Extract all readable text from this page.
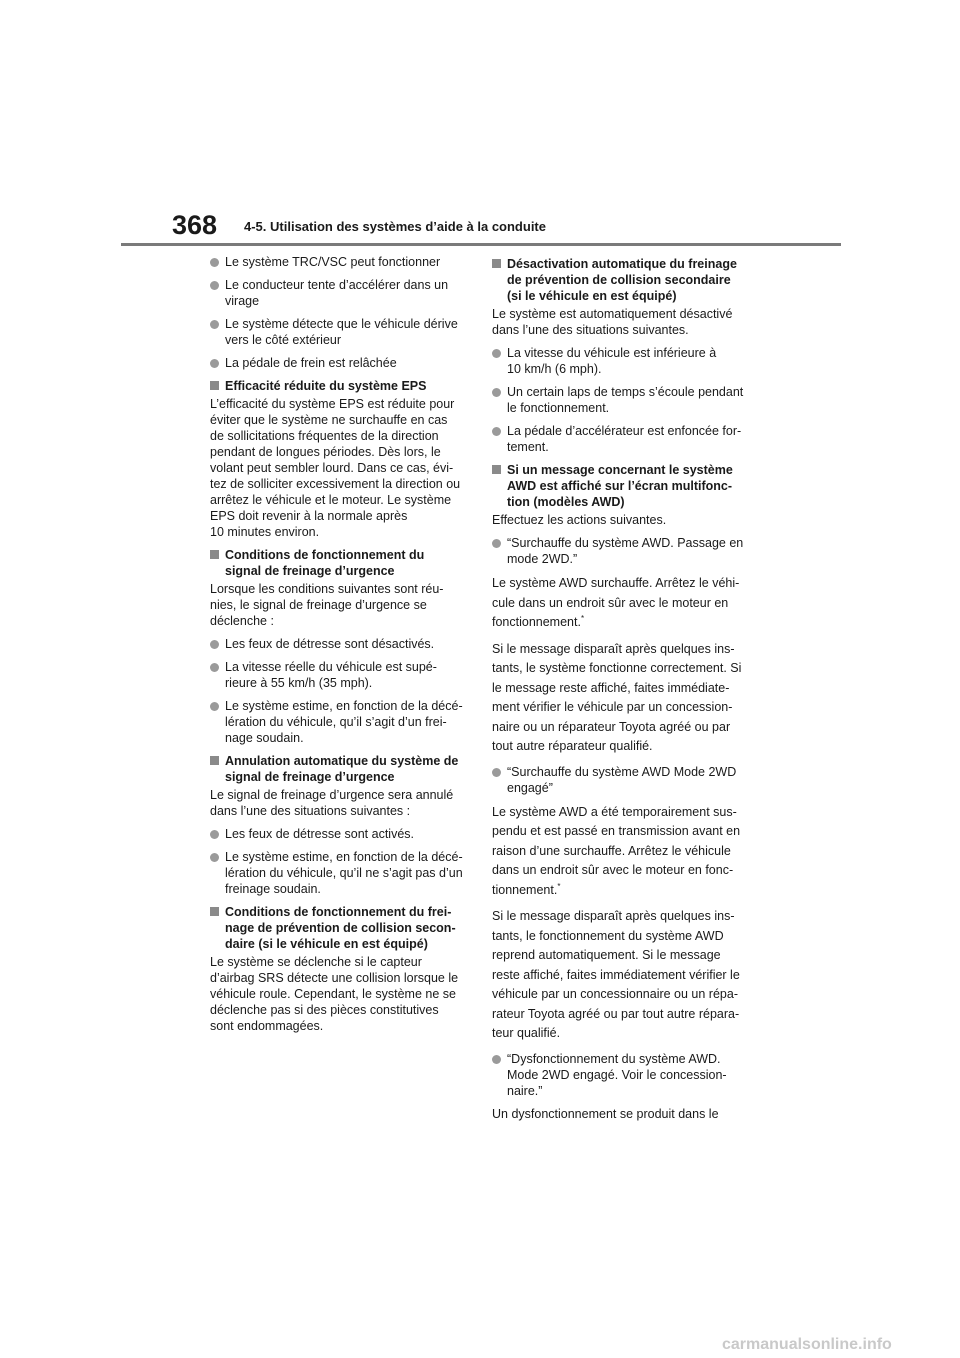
368 4-5. Utilisation des systèmes d’aide à la conduite
Le système TRC/VSC peut fonctionner
Le conducteur tente d’accélérer dans un
virage
Le système détecte que le véhicule dérive
vers le côté extérieur
La pédale de frein est relâchée
Efficacité réduite du système EPS
L’efficacité du système EPS est réduite pour
éviter que le système ne surchauffe en cas
de sollicitations fréquentes de la direction
pendant de longues périodes. Dès lors, le
volant peut sembler lourd. Dans ce cas, évi-
tez de solliciter excessivement la direction ou
arrêtez le véhicule et le moteur. Le système
EPS doit revenir à la normale après
10 minutes environ.
Conditions de fonctionnement du
signal de freinage d’urgence
Lorsque les conditions suivantes sont réu-
nies, le signal de freinage d’urgence se
déclenche :
Les feux de détresse sont désactivés.
La vitesse réelle du véhicule est supé-
rieure à 55 km/h (35 mph).
Le système estime, en fonction de la décé-
lération du véhicule, qu’il s’agit d’un frei-
nage soudain.
Annulation automatique du système de
signal de freinage d’urgence
Le signal de freinage d’urgence sera annulé
dans l’une des situations suivantes :
Les feux de détresse sont activés.
Le système estime, en fonction de la décé-
lération du véhicule, qu’il ne s’agit pas d’un
freinage soudain.
Conditions de fonctionnement du frei-
nage de prévention de collision secon-
daire (si le véhicule en est équipé)
Le système se déclenche si le capteur
d’airbag SRS détecte une collision lorsque le
véhicule roule. Cependant, le système ne se
déclenche pas si des pièces constitutives
sont endommagées.
Désactivation automatique du freinage
de prévention de collision secondaire
(si le véhicule en est équipé)
Le système est automatiquement désactivé
dans l’une des situations suivantes.
La vitesse du véhicule est inférieure à
10 km/h (6 mph).
Un certain laps de temps s’écoule pendant
le fonctionnement.
La pédale d’accélérateur est enfoncée for-
tement.
Si un message concernant le système
AWD est affiché sur l’écran multifonc-
tion (modèles AWD)
Effectuez les actions suivantes.
“Surchauffe du système AWD. Passage en
mode 2WD.”
Le système AWD surchauffe. Arrêtez le véhi-
cule dans un endroit sûr avec le moteur en
fonctionnement.*
Si le message disparaît après quelques ins-
tants, le système fonctionne correctement. Si
le message reste affiché, faites immédiate-
ment vérifier le véhicule par un concession-
naire ou un réparateur Toyota agréé ou par
tout autre réparateur qualifié.
“Surchauffe du système AWD Mode 2WD
engagé”
Le système AWD a été temporairement sus-
pendu et est passé en transmission avant en
raison d’une surchauffe. Arrêtez le véhicule
dans un endroit sûr avec le moteur en fonc-
tionnement.*
Si le message disparaît après quelques ins-
tants, le fonctionnement du système AWD
reprend automatiquement. Si le message
reste affiché, faites immédiatement vérifier le
véhicule par un concessionnaire ou un répa-
rateur Toyota agréé ou par tout autre répara-
teur qualifié.
“Dysfonctionnement du système AWD.
Mode 2WD engagé. Voir le concession-
naire.”
Un dysfonctionnement se produit dans le
carmanualsonline.info
